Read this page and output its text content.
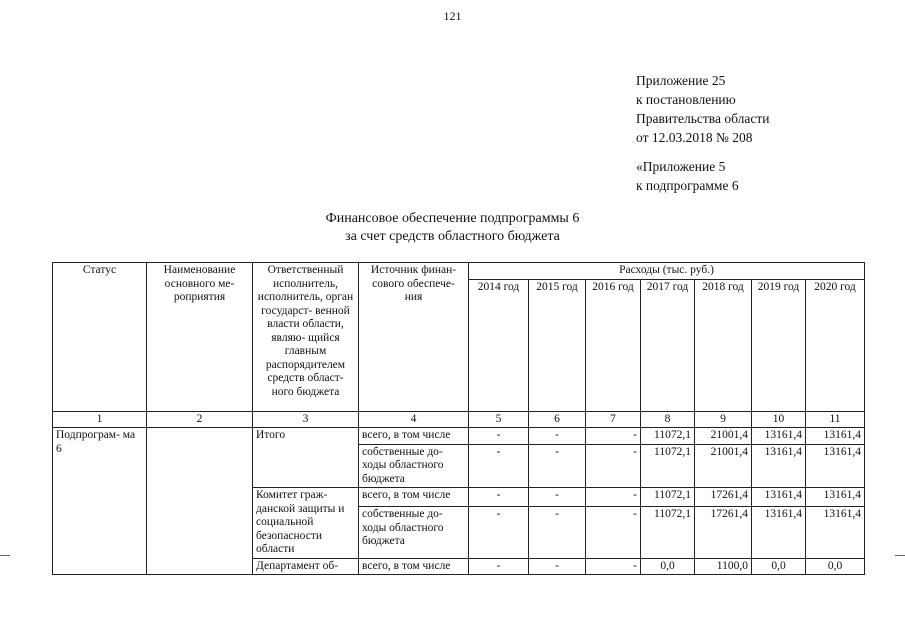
121
Приложение 25
к постановлению
Правительства области
от 12.03.2018 № 208
«Приложение 5
к подпрограмме 6
Финансовое обеспечение подпрограммы 6
за счет средств областного бюджета
Статус	Наименование основного ме- роприятия	Ответственный исполнитель, исполнитель, орган государст- венной власти области, являю- щийся главным распорядителем средств област- ного бюджета	Источник финан- сового обеспече- ния	Расходы (тыс. руб.)						
				2014 год	2015 год	2016 год	2017 год	2018 год	2019 год	2020 год
1	2	3	4	5	6	7	8	9	10	11
Подпрограм- ма 6		Итого	всего, в том числе	-	-	-	11072,1	21001,4	13161,4	13161,4
			собственные до- ходы областного бюджета	-	-	-	11072,1	21001,4	13161,4	13161,4
		Комитет граж- данской защиты и социальной безопасности области	всего, в том числе	-	-	-	11072,1	17261,4	13161,4	13161,4
			собственные до- ходы областного бюджета	-	-	-	11072,1	17261,4	13161,4	13161,4
		Департамент об-	всего, в том числе	-	-	-	0,0	1100,0	0,0	0,0
